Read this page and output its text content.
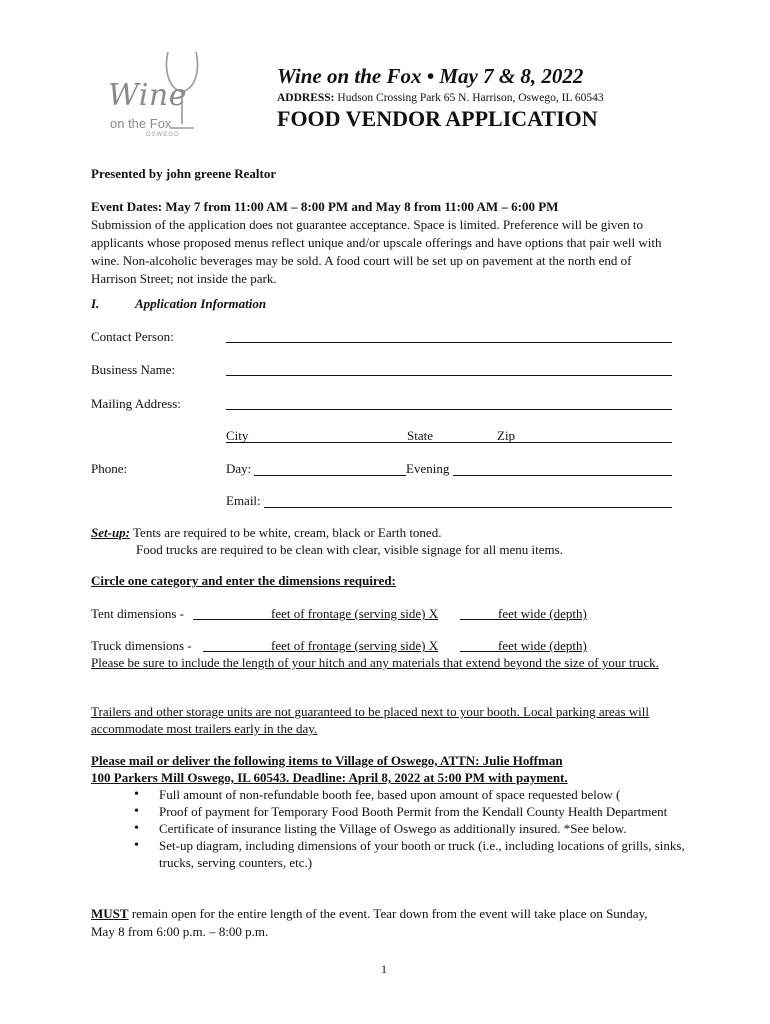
Wine
on the Fox
OSWEGO
Wine on the Fox • May 7 & 8, 2022
ADDRESS: Hudson Crossing Park 65 N. Harrison, Oswego, IL 60543
FOOD VENDOR APPLICATION
Presented by john greene Realtor

Event Dates: May 7 from 11:00 AM – 8:00 PM and May 8 from 11:00 AM – 6:00 PM

Submission of the application does not guarantee acceptance. Space is limited. Preference will be given to applicants whose proposed menus reflect unique and/or upscale offerings and have options that pair well with wine. Non-alcoholic beverages may be sold. A food court will be set up on pavement at the north end of Harrison Street; not inside the park.

I.	Application Information
Contact Person:
Business Name:
Mailing Address:
City	State	Zip
Phone:	Day:	Evening
Email:
Set-up: Tents are required to be white, cream, black or Earth toned.
Food trucks are required to be clean with clear, visible signage for all menu items.
Circle one category and enter the dimensions required:
Tent dimensions -	feet of frontage (serving side) X	feet wide (depth)
Truck dimensions -	feet of frontage (serving side) X	feet wide (depth)
Please be sure to include the length of your hitch and any materials that extend beyond the size of your truck.
Trailers and other storage units are not guaranteed to be placed next to your booth. Local parking areas will accommodate most trailers early in the day.

Please mail or deliver the following items to Village of Oswego, ATTN: Julie Hoffman

100 Parkers Mill Oswego, IL 60543. Deadline: April 8, 2022 at 5:00 PM with payment.

• Full amount of non-refundable booth fee, based upon amount of space requested below (
• Proof of payment for Temporary Food Booth Permit from the Kendall County Health Department
• Certificate of insurance listing the Village of Oswego as additionally insured. *See below.
• Set-up diagram, including dimensions of your booth or truck (i.e., including locations of grills, sinks, trucks, serving counters, etc.)
MUST remain open for the entire length of the event. Tear down from the event will take place on Sunday, May 8 from 6:00 p.m. – 8:00 p.m.
1
